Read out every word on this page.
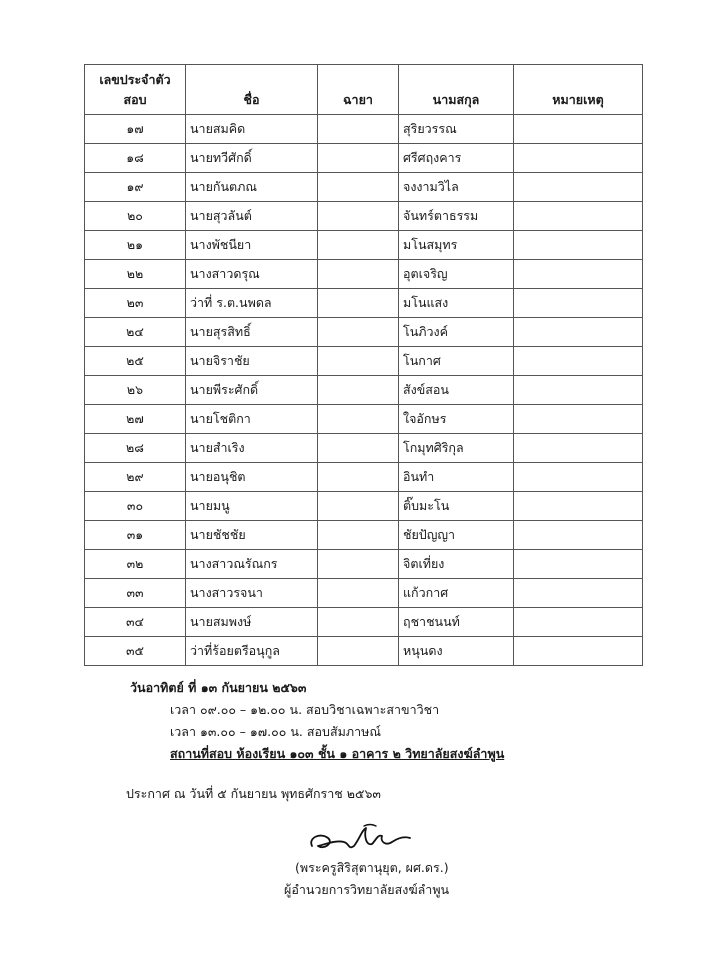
เลขประจำตัว
สอบ	ชื่อ	ฉายา	นามสกุล	หมายเหตุ
๑๗	นายสมคิด		สุริยวรรณ	
๑๘	นายทวีศักดิ์		ศรีศฤงคาร	
๑๙	นายกันตภณ		จงงามวิไล	
๒๐	นายสุวลันต์		จันทร์ตาธรรม	
๒๑	นางพัชนียา		มโนสมุทร	
๒๒	นางสาวดรุณ		อุตเจริญ	
๒๓	ว่าที่ ร.ต.นพดล		มโนแสง	
๒๔	นายสุรสิทธิ์		โนภิวงค์	
๒๕	นายจิราชัย		โนกาศ	
๒๖	นายพีระศักดิ์		สังข์สอน	
๒๗	นายโชติกา		ใจอักษร	
๒๘	นายสำเริง		โกมุทศิริกุล	
๒๙	นายอนุชิต		อินทำ	
๓๐	นายมนู		ติ๊บมะโน	
๓๑	นายชัชชัย		ชัยปัญญา	
๓๒	นางสาวณรัณกร		จิตเที่ยง	
๓๓	นางสาวรจนา		แก้วกาศ	
๓๔	นายสมพงษ์		ฤชาชนนท์	
๓๕	ว่าที่ร้อยตรีอนุกูล		หนุนดง	
วันอาทิตย์ ที่ ๑๓ กันยายน ๒๕๖๓
เวลา ๐๙.๐๐ – ๑๒.๐๐ น. สอบวิชาเฉพาะสาขาวิชา
เวลา ๑๓.๐๐ – ๑๗.๐๐ น. สอบสัมภาษณ์
สถานที่สอบ ห้องเรียน ๑๐๓ ชั้น ๑ อาคาร ๒ วิทยาลัยสงฆ์ลำพูน
ประกาศ ณ วันที่ ๕ กันยายน พุทธศักราช ๒๕๖๓
(พระครูสิริสุตานุยุต, ผศ.ดร.)
ผู้อำนวยการวิทยาลัยสงฆ์ลำพูน
